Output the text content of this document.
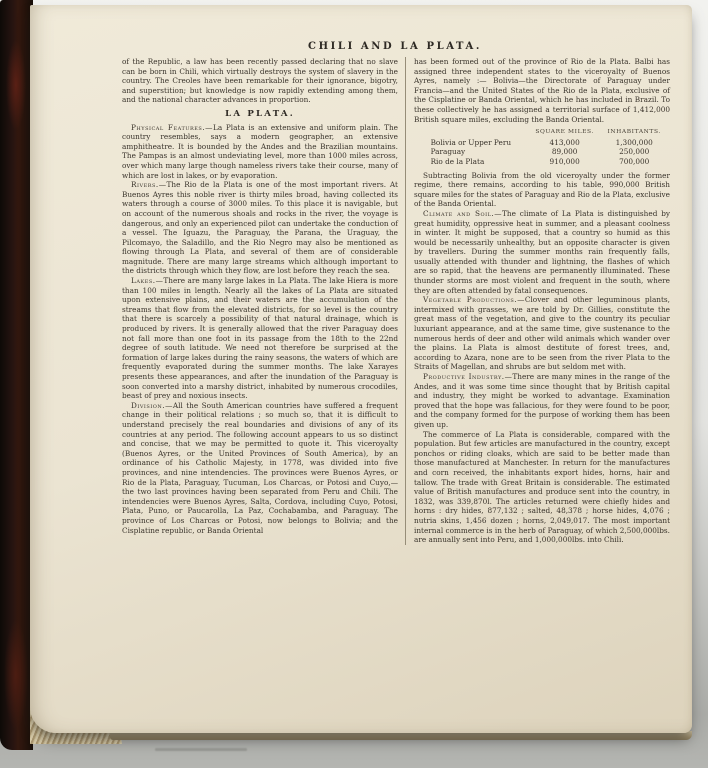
CHILI AND LA PLATA.

of the Republic, a law has been recently passed declaring that no slave can be born in Chili, which virtually destroys the system of slavery in the country. The Creoles have been remarkable for their ignorance, bigotry, and superstition; but knowledge is now rapidly extending among them, and the national character advances in proportion.

LA PLATA.

Physical Features.—La Plata is an extensive and uniform plain. The country resembles, says a modern geographer, an extensive amphitheatre. It is bounded by the Andes and the Brazilian mountains. The Pampas is an almost undeviating level, more than 1000 miles across, over which many large though nameless rivers take their course, many of which are lost in lakes, or by evaporation.

Rivers.—The Rio de la Plata is one of the most important rivers. At Buenos Ayres this noble river is thirty miles broad, having collected its waters through a course of 3000 miles. To this place it is navigable, but on account of the numerous shoals and rocks in the river, the voyage is dangerous, and only an experienced pilot can undertake the conduction of a vessel. The Iguazu, the Paraguay, the Parana, the Uraguay, the Pilcomayo, the Saladillo, and the Rio Negro may also be mentioned as flowing through La Plata, and several of them are of considerable magnitude. There are many large streams which although important to the districts through which they flow, are lost before they reach the sea.

Lakes.—There are many large lakes in La Plata. The lake Hiera is more than 100 miles in length. Nearly all the lakes of La Plata are situated upon extensive plains, and their waters are the accumulation of the streams that flow from the elevated districts, for so level is the country that there is scarcely a possibility of that natural drainage, which is produced by rivers. It is generally allowed that the river Paraguay does not fall more than one foot in its passage from the 18th to the 22nd degree of south latitude. We need not therefore be surprised at the formation of large lakes during the rainy seasons, the waters of which are frequently evaporated during the summer months. The lake Xarayes presents these appearances, and after the inundation of the Paraguay is soon converted into a marshy district, inhabited by numerous crocodiles, beast of prey and noxious insects.

Division.—All the South American countries have suffered a frequent change in their political relations ; so much so, that it is difficult to understand precisely the real boundaries and divisions of any of its countries at any period. The following account appears to us so distinct and concise, that we may be permitted to quote it. This viceroyalty (Buenos Ayres, or the United Provinces of South America), by an ordinance of his Catholic Majesty, in 1778, was divided into five provinces, and nine intendencies. The provinces were Buenos Ayres, or Rio de la Plata, Paraguay, Tucuman, Los Charcas, or Potosi and Cuyo,—the two last provinces having been separated from Peru and Chili. The intendencies were Buenos Ayres, Salta, Cordova, including Cuyo, Potosi, Plata, Puno, or Paucarolla, La Paz, Cochabamba, and Paraguay. The province of Los Charcas or Potosi, now belongs to Bolivia; and the Cisplatine republic, or Banda Oriental

has been formed out of the province of Rio de la Plata. Balbi has assigned three independent states to the viceroyalty of Buenos Ayres, namely :— Bolivia—the Directorate of Paraguay under Francia—and the United States of the Rio de la Plata, exclusive of the Cisplatine or Banda Oriental, which he has included in Brazil. To these collectively he has assigned a territorial surface of 1,412,000 British square miles, excluding the Banda Oriental.

	SQUARE MILES.	INHABITANTS.
Bolivia or Upper Peru	413,000	1,300,000
Paraguay	89,000	250,000
Rio de la Plata	910,000	700,000

Subtracting Bolivia from the old viceroyalty under the former regime, there remains, according to his table, 990,000 British square miles for the states of Paraguay and Rio de la Plata, exclusive of the Banda Oriental.

Climate and Soil.—The climate of La Plata is distinguished by great humidity, oppressive heat in summer, and a pleasant coolness in winter. It might be supposed, that a country so humid as this would be necessarily unhealthy, but an opposite character is given by travellers. During the summer months rain frequently falls, usually attended with thunder and lightning, the flashes of which are so rapid, that the heavens are permanently illuminated. These thunder storms are most violent and frequent in the south, where they are often attended by fatal consequences.

Vegetable Productions.—Clover and other leguminous plants, intermixed with grasses, we are told by Dr. Gillies, constitute the great mass of the vegetation, and give to the country its peculiar luxuriant appearance, and at the same time, give sustenance to the numerous herds of deer and other wild animals which wander over the plains. La Plata is almost destitute of forest trees, and, according to Azara, none are to be seen from the river Plata to the Straits of Magellan, and shrubs are but seldom met with.

Productive Industry.—There are many mines in the range of the Andes, and it was some time since thought that by British capital and industry, they might be worked to advantage. Examination proved that the hope was fallacious, for they were found to be poor, and the company formed for the purpose of working them has been given up.

The commerce of La Plata is considerable, compared with the population. But few articles are manufactured in the country, except ponchos or riding cloaks, which are said to be better made than those manufactured at Manchester. In return for the manufactures and corn received, the inhabitants export hides, horns, hair and tallow. The trade with Great Britain is considerable. The estimated value of British manufactures and produce sent into the country, in 1832, was 339,870l. The articles returned were chiefly hides and horns : dry hides, 877,132 ; salted, 48,378 ; horse hides, 4,076 ; nutria skins, 1,456 dozen ; horns, 2,049,017. The most important internal commerce is in the herb of Paraguay, of which 2,500,000lbs. are annually sent into Peru, and 1,000,000lbs. into Chili.
